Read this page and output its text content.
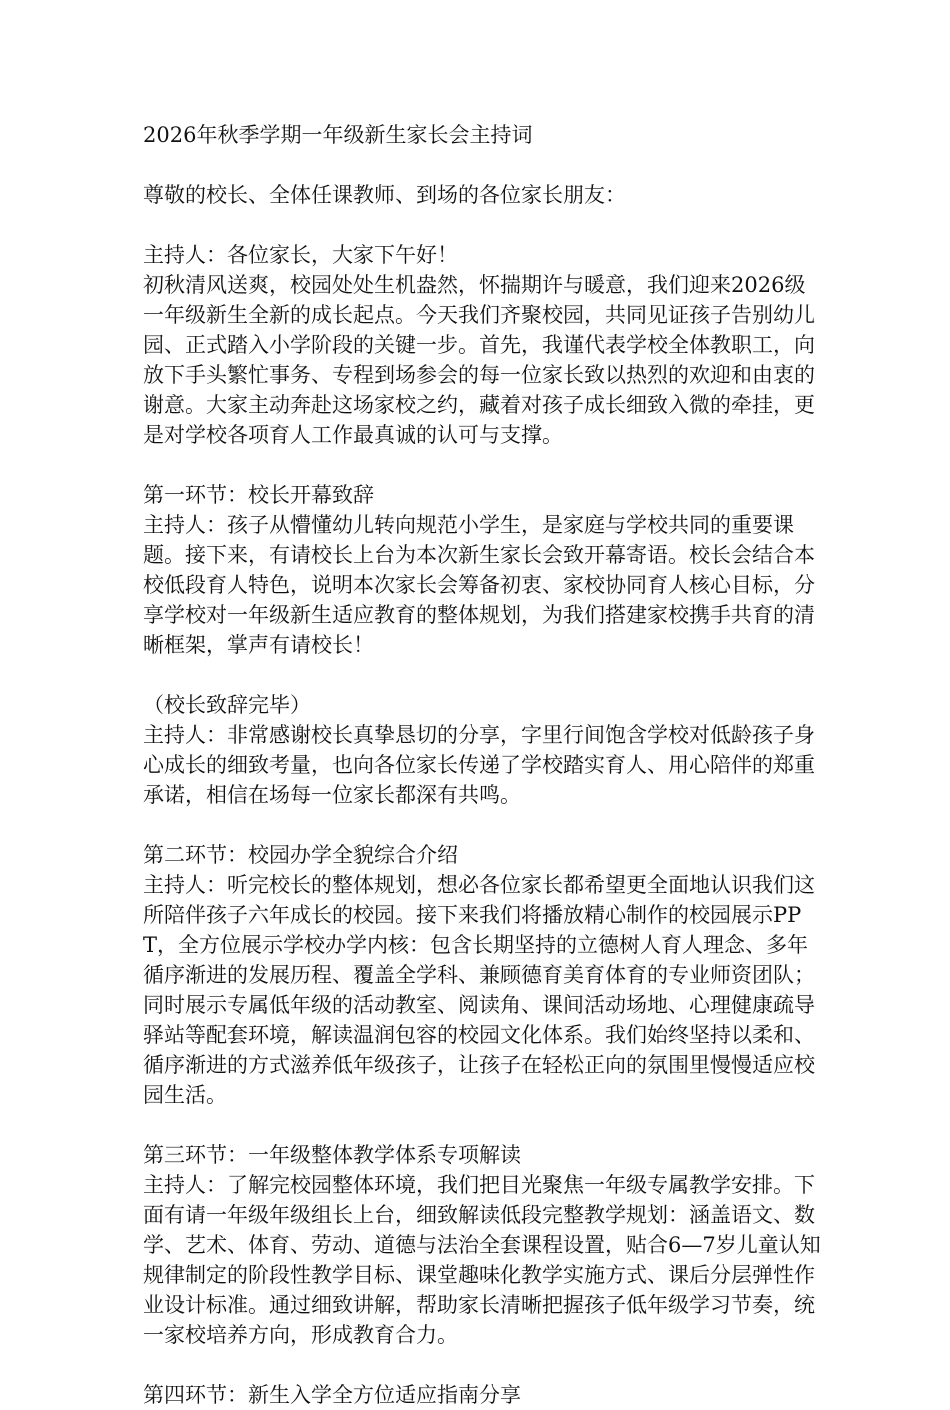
2026年秋季学期一年级新生家长会主持词

尊敬的校长、全体任课教师、到场的各位家长朋友：

主持人：各位家长，大家下午好！

初秋清风送爽，校园处处生机盎然，怀揣期许与暖意，我们迎来2026级一年级新生全新的成长起点。今天我们齐聚校园，共同见证孩子告别幼儿园、正式踏入小学阶段的关键一步。首先，我谨代表学校全体教职工，向放下手头繁忙事务、专程到场参会的每一位家长致以热烈的欢迎和由衷的谢意。大家主动奔赴这场家校之约，藏着对孩子成长细致入微的牵挂，更是对学校各项育人工作最真诚的认可与支撑。

第一环节：校长开幕致辞

主持人：孩子从懵懂幼儿转向规范小学生，是家庭与学校共同的重要课题。接下来，有请校长上台为本次新生家长会致开幕寄语。校长会结合本校低段育人特色，说明本次家长会筹备初衷、家校协同育人核心目标，分享学校对一年级新生适应教育的整体规划，为我们搭建家校携手共育的清晰框架，掌声有请校长！

（校长致辞完毕）

主持人：非常感谢校长真挚恳切的分享，字里行间饱含学校对低龄孩子身心成长的细致考量，也向各位家长传递了学校踏实育人、用心陪伴的郑重承诺，相信在场每一位家长都深有共鸣。

第二环节：校园办学全貌综合介绍

主持人：听完校长的整体规划，想必各位家长都希望更全面地认识我们这所陪伴孩子六年成长的校园。接下来我们将播放精心制作的校园展示PPT，全方位展示学校办学内核：包含长期坚持的立德树人育人理念、多年循序渐进的发展历程、覆盖全学科、兼顾德育美育体育的专业师资团队；同时展示专属低年级的活动教室、阅读角、课间活动场地、心理健康疏导驿站等配套环境，解读温润包容的校园文化体系。我们始终坚持以柔和、循序渐进的方式滋养低年级孩子，让孩子在轻松正向的氛围里慢慢适应校园生活。

第三环节：一年级整体教学体系专项解读

主持人：了解完校园整体环境，我们把目光聚焦一年级专属教学安排。下面有请一年级年级组长上台，细致解读低段完整教学规划：涵盖语文、数学、艺术、体育、劳动、道德与法治全套课程设置，贴合6—7岁儿童认知规律制定的阶段性教学目标、课堂趣味化教学实施方式、课后分层弹性作业设计标准。通过细致讲解，帮助家长清晰把握孩子低年级学习节奏，统一家校培养方向，形成教育合力。

第四环节：新生入学全方位适应指南分享
